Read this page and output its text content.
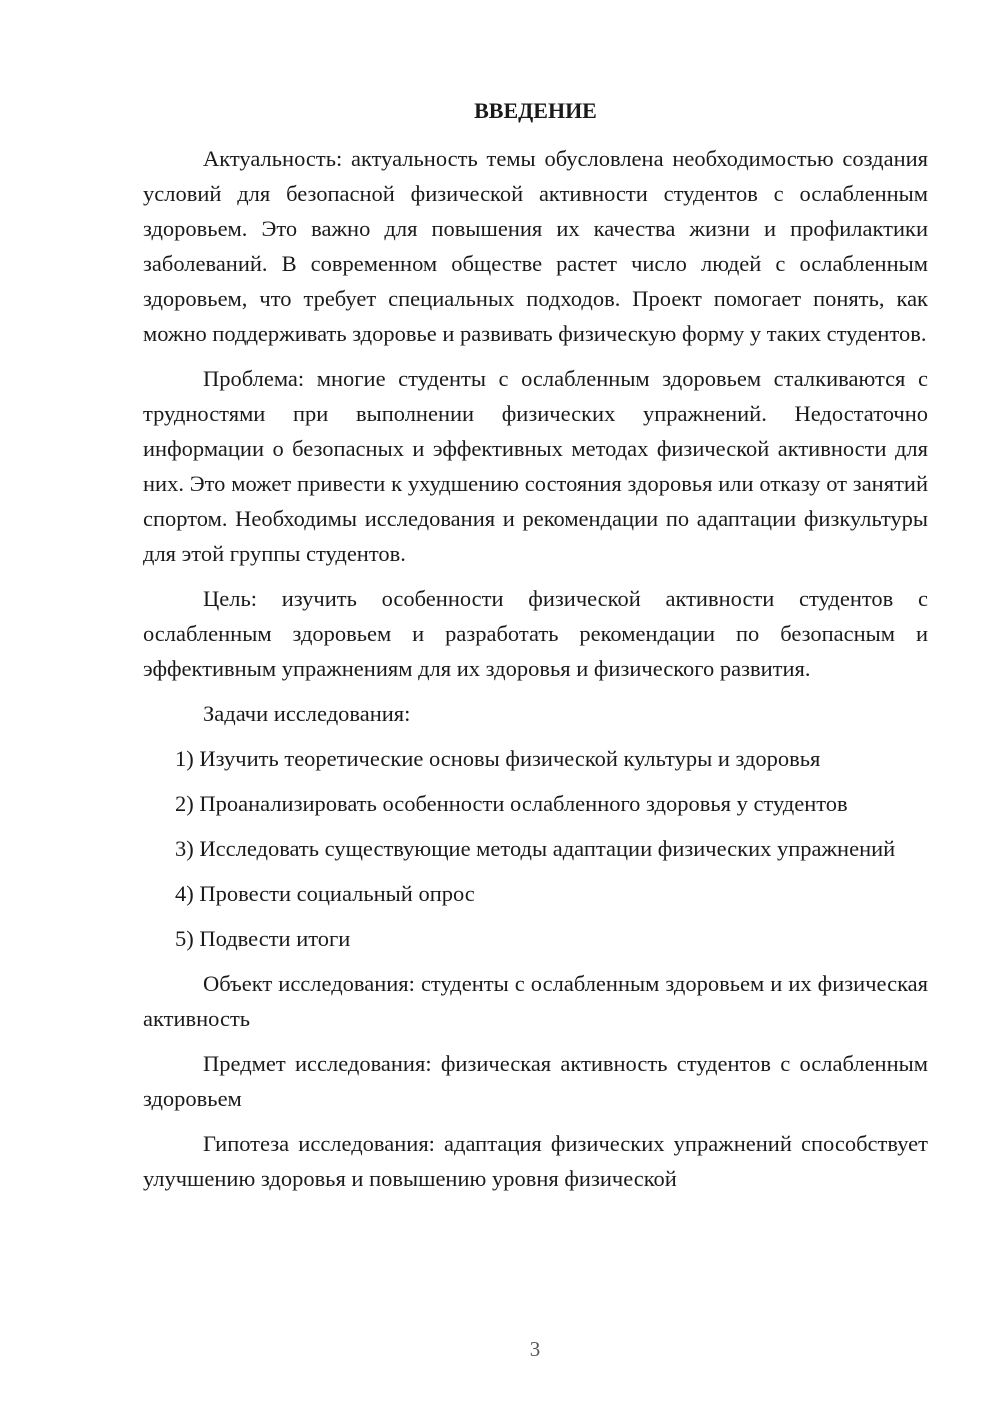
ВВЕДЕНИЕ

Актуальность: актуальность темы обусловлена необходимостью создания условий для безопасной физической активности студентов с ослабленным здоровьем. Это важно для повышения их качества жизни и профилактики заболеваний. В современном обществе растет число людей с ослабленным здоровьем, что требует специальных подходов. Проект помогает понять, как можно поддерживать здоровье и развивать физическую форму у таких студентов.

Проблема: многие студенты с ослабленным здоровьем сталкиваются с трудностями при выполнении физических упражнений. Недостаточно информации о безопасных и эффективных методах физической активности для них. Это может привести к ухудшению состояния здоровья или отказу от занятий спортом. Необходимы исследования и рекомендации по адаптации физкультуры для этой группы студентов.

Цель: изучить особенности физической активности студентов с ослабленным здоровьем и разработать рекомендации по безопасным и эффективным упражнениям для их здоровья и физического развития.

Задачи исследования:

1) Изучить теоретические основы физической культуры и здоровья

2) Проанализировать особенности ослабленного здоровья у студентов

3) Исследовать существующие методы адаптации физических упражнений

4) Провести социальный опрос

5) Подвести итоги

Объект исследования: студенты с ослабленным здоровьем и их физическая активность

Предмет исследования: физическая активность студентов с ослабленным здоровьем

Гипотеза исследования: адаптация физических упражнений способствует улучшению здоровья и повышению уровня физической

3
